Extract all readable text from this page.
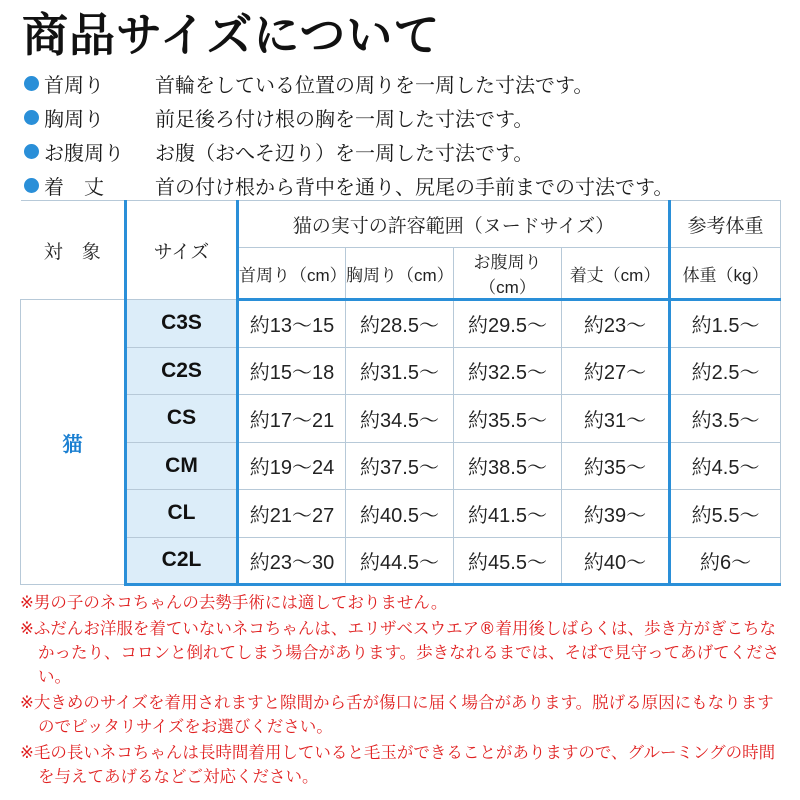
商品サイズについて
首周り	首輪をしている位置の周りを一周した寸法です。
胸周り	前足後ろ付け根の胸を一周した寸法です。
お腹周り	お腹（おへそ辺り）を一周した寸法です。
着　丈	首の付け根から背中を通り、尻尾の手前までの寸法です。
対　象	サイズ	猫の実寸の許容範囲（ヌードサイズ）				参考体重
		首周り（cm）	胸周り（cm）	お腹周り（cm）	着丈（cm）	体重（kg）
猫	C3S	約13～15	約28.5～	約29.5～	約23～	約1.5～
	C2S	約15～18	約31.5～	約32.5～	約27～	約2.5～
	CS	約17～21	約34.5～	約35.5～	約31～	約3.5～
	CM	約19～24	約37.5～	約38.5～	約35～	約4.5～
	CL	約21～27	約40.5～	約41.5～	約39～	約5.5～
	C2L	約23～30	約44.5～	約45.5～	約40～	約6～

※男の子のネコちゃんの去勢手術には適しておりません。

※ふだんお洋服を着ていないネコちゃんは、エリザベスウエア®着用後しばらくは、歩き方がぎこちなかったり、コロンと倒れてしまう場合があります。歩きなれるまでは、そばで見守ってあげてください。

※大きめのサイズを着用されますと隙間から舌が傷口に届く場合があります。脱げる原因にもなりますのでピッタリサイズをお選びください。

※毛の長いネコちゃんは長時間着用していると毛玉ができることがありますので、グルーミングの時間を与えてあげるなどご対応ください。
